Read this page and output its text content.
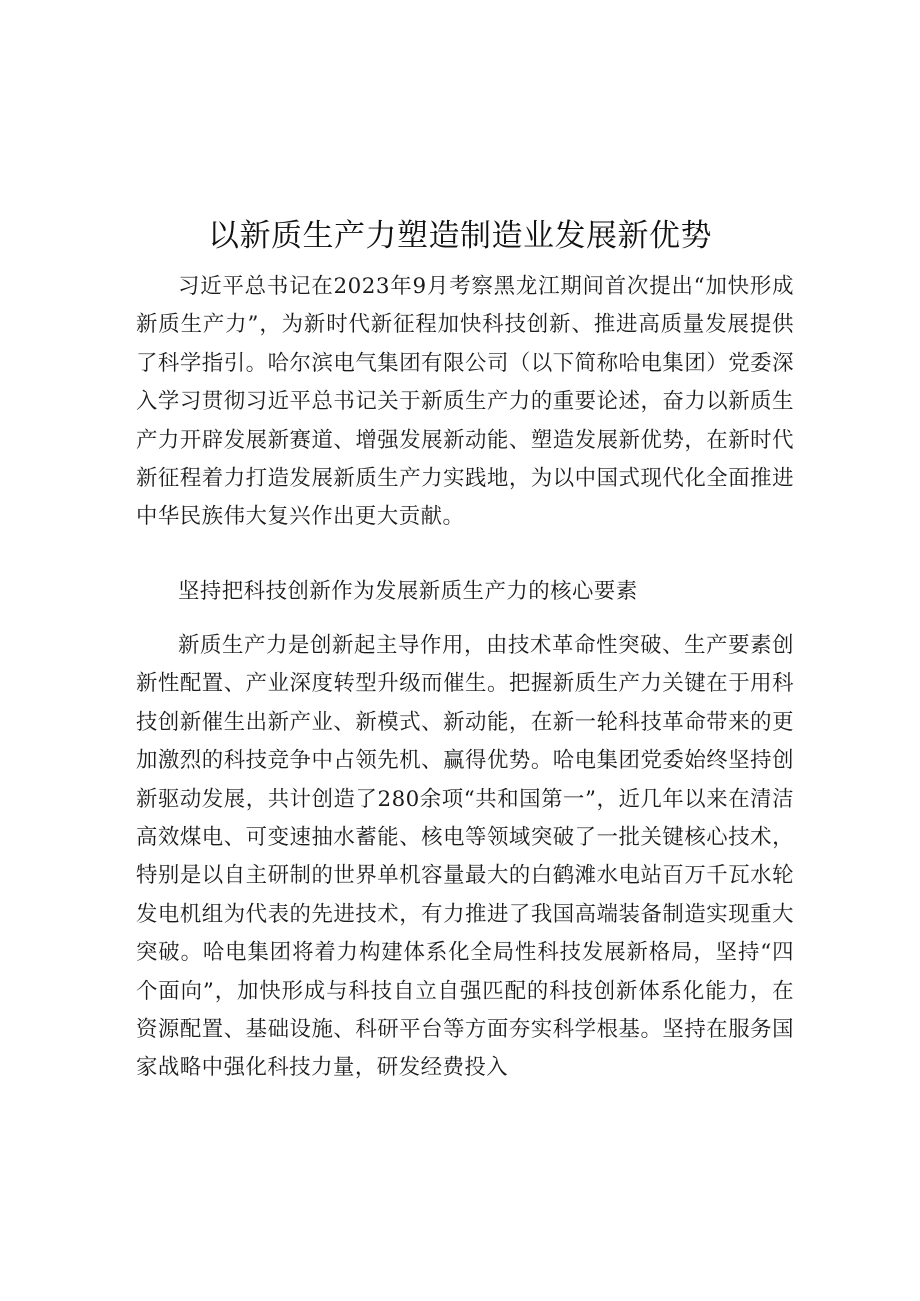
以新质生产力塑造制造业发展新优势

习近平总书记在2023年9月考察黑龙江期间首次提出“加快形成新质生产力”，为新时代新征程加快科技创新、推进高质量发展提供了科学指引。哈尔滨电气集团有限公司（以下简称哈电集团）党委深入学习贯彻习近平总书记关于新质生产力的重要论述，奋力以新质生产力开辟发展新赛道、增强发展新动能、塑造发展新优势，在新时代新征程着力打造发展新质生产力实践地，为以中国式现代化全面推进中华民族伟大复兴作出更大贡献。

坚持把科技创新作为发展新质生产力的核心要素

新质生产力是创新起主导作用，由技术革命性突破、生产要素创新性配置、产业深度转型升级而催生。把握新质生产力关键在于用科技创新催生出新产业、新模式、新动能，在新一轮科技革命带来的更加激烈的科技竞争中占领先机、赢得优势。哈电集团党委始终坚持创新驱动发展，共计创造了280余项“共和国第一”，近几年以来在清洁高效煤电、可变速抽水蓄能、核电等领域突破了一批关键核心技术，特别是以自主研制的世界单机容量最大的白鹤滩水电站百万千瓦水轮发电机组为代表的先进技术，有力推进了我国高端装备制造实现重大突破。哈电集团将着力构建体系化全局性科技发展新格局，坚持“四个面向”，加快形成与科技自立自强匹配的科技创新体系化能力，在资源配置、基础设施、科研平台等方面夯实科学根基。坚持在服务国家战略中强化科技力量，研发经费投入
